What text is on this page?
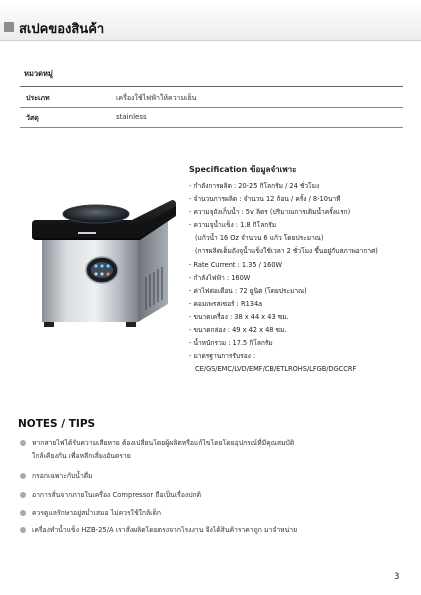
สเปคของสินค้า
หมวดหมู่
ประเภท	เครื่องใช้ไฟฟ้าให้ความเย็น
วัสดุ	stainless
Specification ข้อมูลจำเพาะ
- กำลังการผลิต : 20-25 กิโลกรัม / 24 ชั่วโมง
- จำนวนการผลิต : จำนวน 12 ก้อน / ครั้ง / 8-10นาที
- ความจุถังเก็บน้ำ : 5v ลิตร (ปริมาณการเติมน้ำครั้งแรก)
- ความจุน้ำแข็ง : 1.8 กิโลกรัม
(แก้วน้ำ 16 Oz จำนวน 6 แก้ว โดยประมาณ)
(การผลิตเต็มถังจุน้ำแข็งใช้เวลา 2 ชั่วโมง ขึ้นอยู่กับสภาพอากาศ)
- Rate Current : 1.35 / 160W
- กำลังไฟฟ้า : 160W
- ค่าไฟต่อเดือน : 72 ยูนิต (โดยประมาณ)
- คอมเพรสเซอร์ : R134a
- ขนาดเครื่อง : 38 x 44 x 43 ซม.
- ขนาดกล่อง : 49 x 42 x 48 ซม.
- น้ำหนักรวม : 17.5 กิโลกรัม
- มาตรฐานการรับรอง :
CE/GS/EMC/LVD/EMF/CB/ETLROHS/LFGB/DGCCRF
NOTES / TIPS
หากสายไฟได้รับความเสียหาย ต้องเปลี่ยนโดยผู้ผลิตหรือแก้ไขโดยโดยอุปกรณ์ที่มีคุณสมบัติ
ใกล้เคียงกัน เพื่อหลีกเลี่ยงอันตราย
กรอกเฉพาะกับน้ำดื่ม
อาการสั่นจากภายในเครื่อง Compressor ถือเป็นเรื่องปกติ
ควรดูแลรักษาอยู่สม่ำเสมอ ไม่ควรใช้ใกล้เด็ก
เครื่องทำน้ำแข็ง HZB-25/A เราสั่งผลิตโดยตรงจากโรงงาน จึงได้สินค้าราคาถูก มาจำหน่าย
3
